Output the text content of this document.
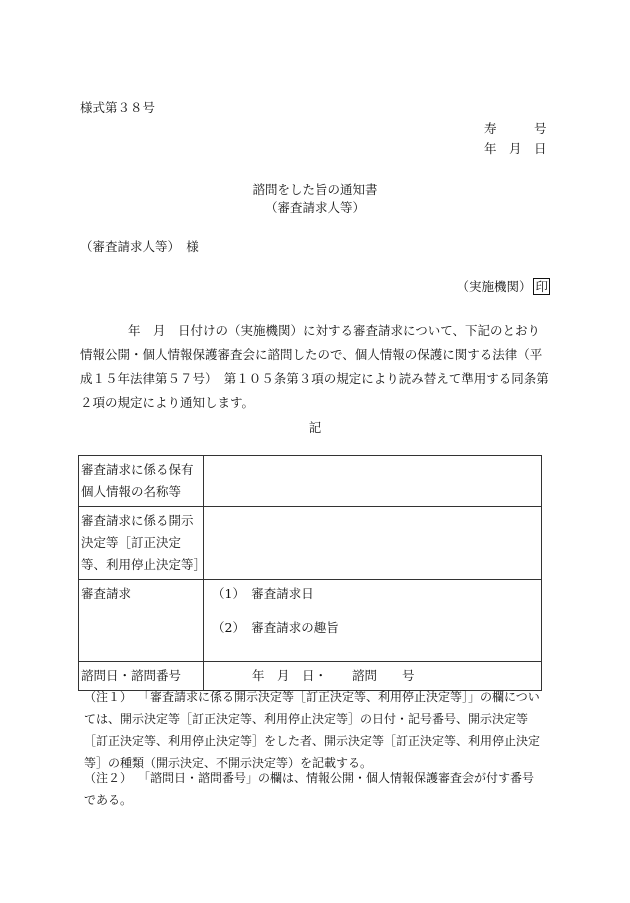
様式第３８号
寿　　　号
年　月　日
諮問をした旨の通知書
（審査請求人等）
（審査請求人等）　様
（実施機関） 印
年　月　日付けの（実施機関）に対する審査請求について、下記のとおり情報公開・個人情報保護審査会に諮問したので、個人情報の保護に関する法律（平成１５年法律第５７号）　第１０５条第３項の規定により読み替えて準用する同条第２項の規定により通知します。
記
審査請求に係る保有個人情報の名称等	
審査請求に係る開示決定等［訂正決定等、利用停止決定等］	
審査請求	（1）　審査請求日
（2）　審査請求の趣旨

諮問日・諮問番号	年　月　日・　　諮問　　号
（注１） 「審査請求に係る開示決定等［訂正決定等、利用停止決定等］」の欄については、開示決定等［訂正決定等、利用停止決定等］の日付・記号番号、開示決定等［訂正決定等、利用停止決定等］をした者、開示決定等［訂正決定等、利用停止決定等］の種類（開示決定、不開示決定等）を記載する。
（注２） 「諮問日・諮問番号」の欄は、情報公開・個人情報保護審査会が付す番号である。
